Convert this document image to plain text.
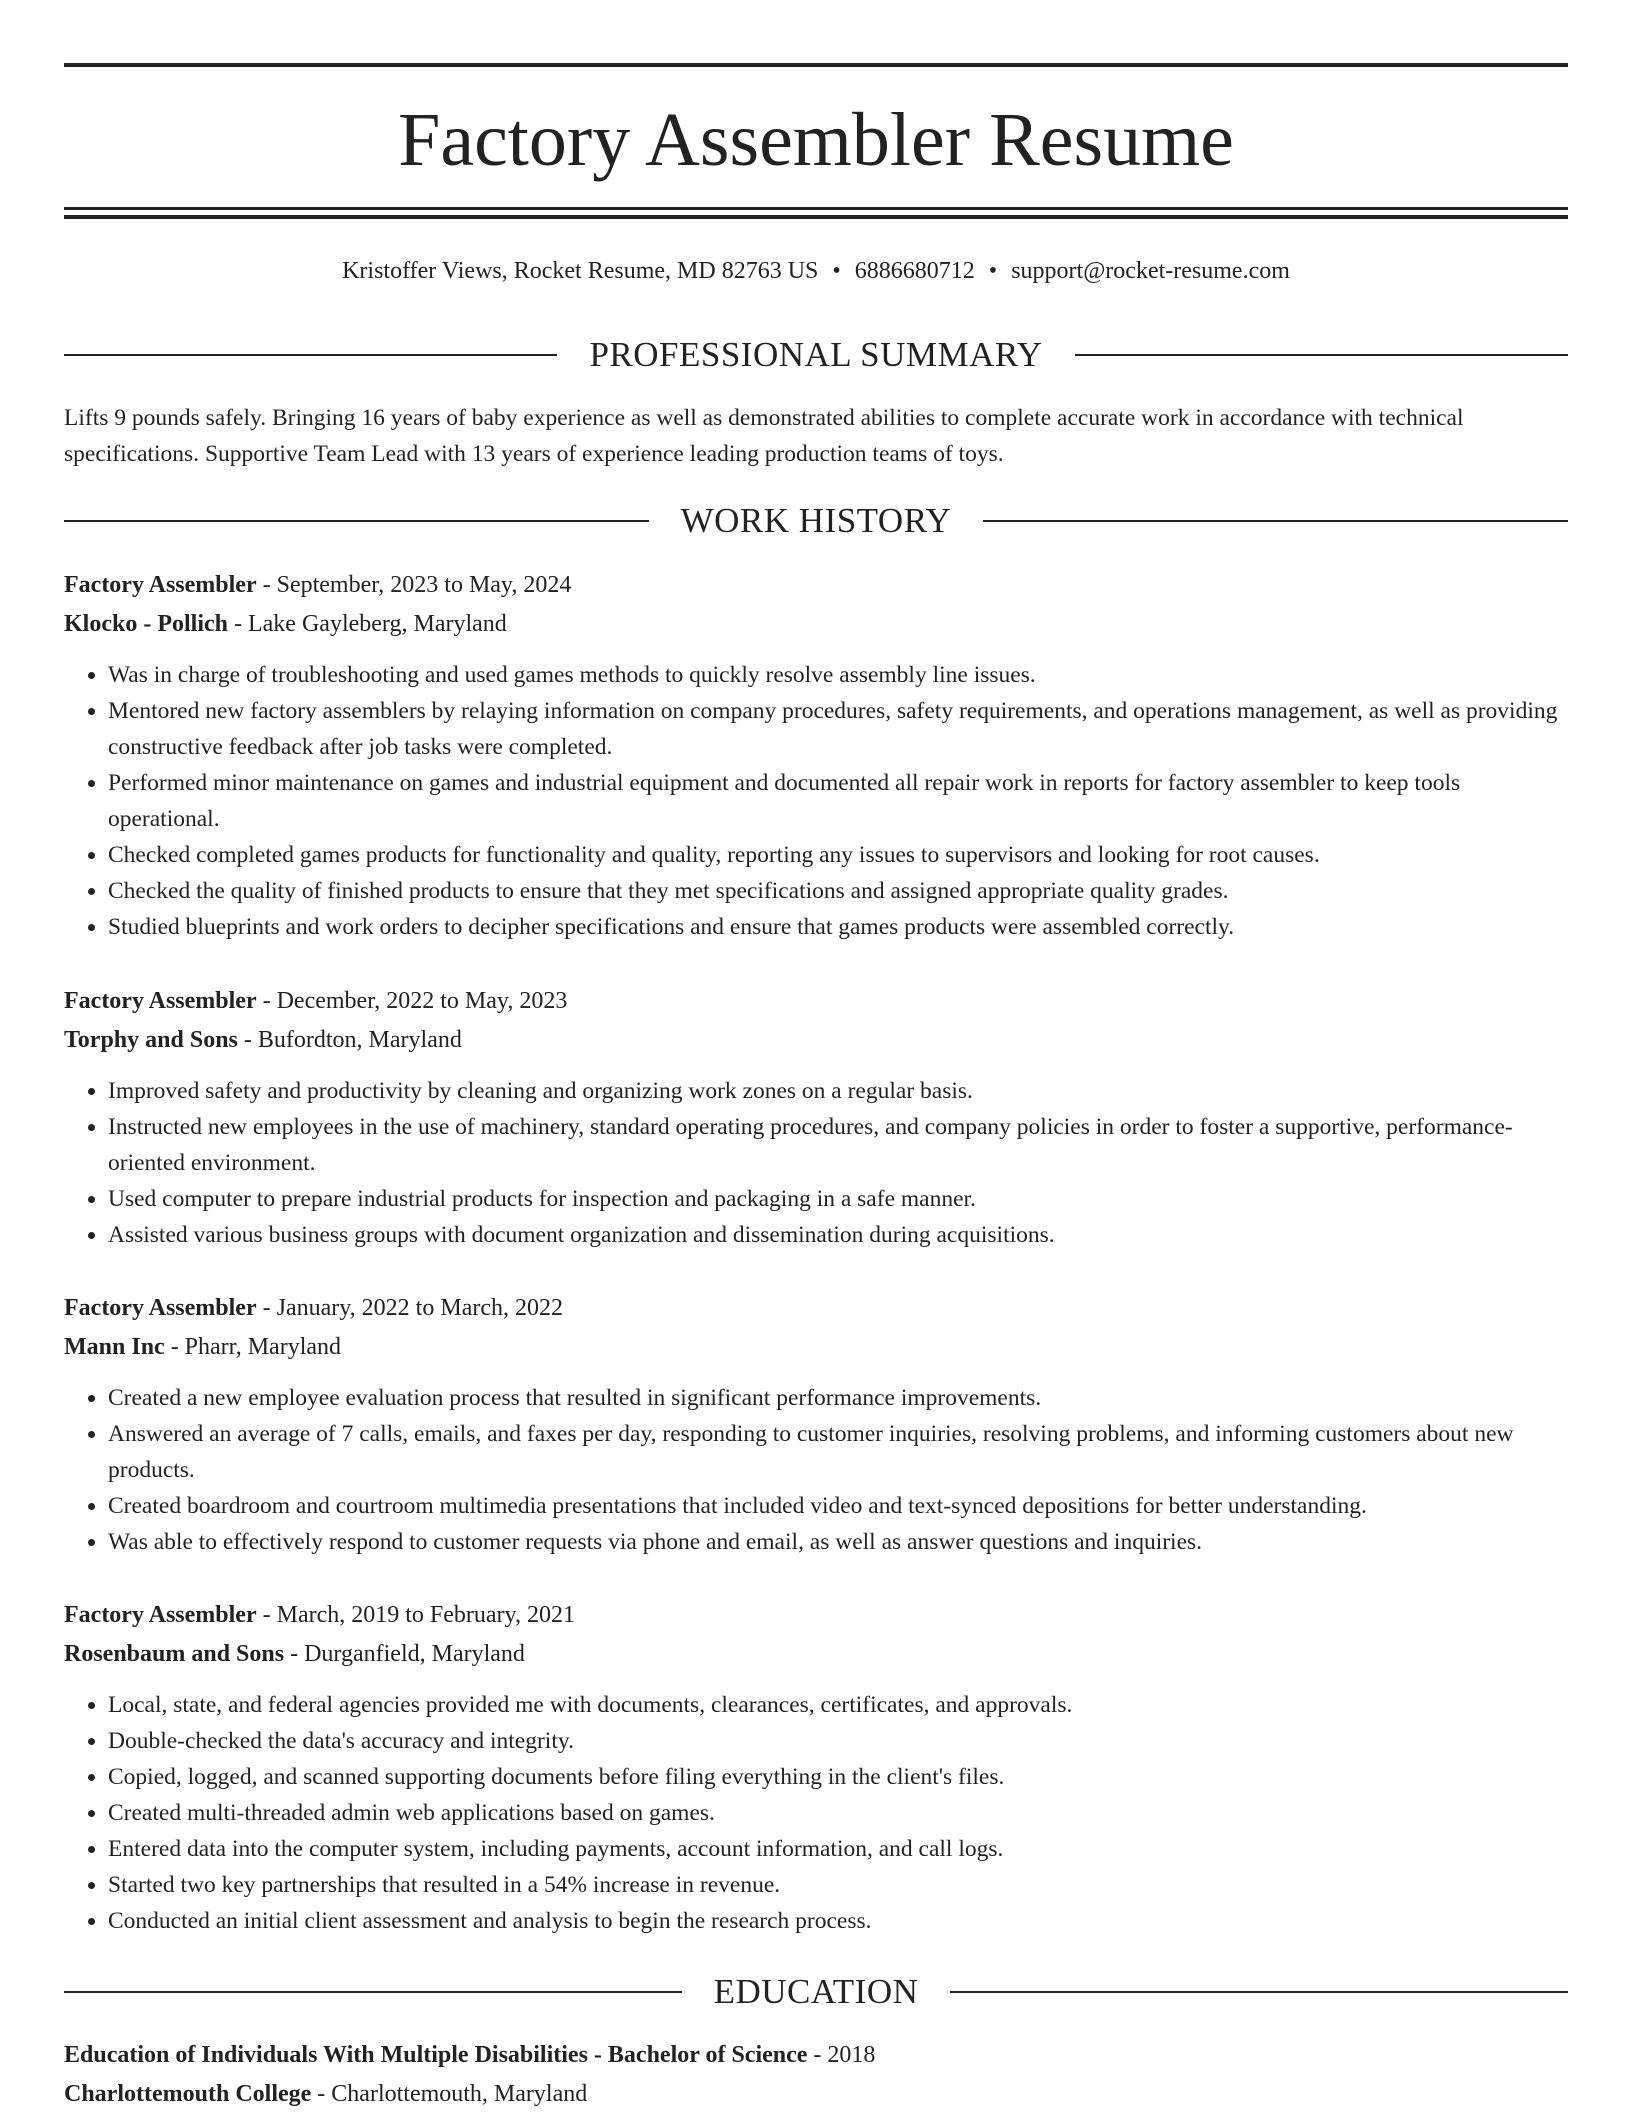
Factory Assembler Resume
Kristoffer Views, Rocket Resume, MD 82763 US • 6886680712 • support@rocket-resume.com
PROFESSIONAL SUMMARY
Lifts 9 pounds safely. Bringing 16 years of baby experience as well as demonstrated abilities to complete accurate work in accordance with technical specifications. Supportive Team Lead with 13 years of experience leading production teams of toys.
WORK HISTORY
Factory Assembler - September, 2023 to May, 2024
Klocko - Pollich - Lake Gayleberg, Maryland
• Was in charge of troubleshooting and used games methods to quickly resolve assembly line issues.
• Mentored new factory assemblers by relaying information on company procedures, safety requirements, and operations management, as well as providing constructive feedback after job tasks were completed.
• Performed minor maintenance on games and industrial equipment and documented all repair work in reports for factory assembler to keep tools operational.
• Checked completed games products for functionality and quality, reporting any issues to supervisors and looking for root causes.
• Checked the quality of finished products to ensure that they met specifications and assigned appropriate quality grades.
• Studied blueprints and work orders to decipher specifications and ensure that games products were assembled correctly.
Factory Assembler - December, 2022 to May, 2023
Torphy and Sons - Bufordton, Maryland
• Improved safety and productivity by cleaning and organizing work zones on a regular basis.
• Instructed new employees in the use of machinery, standard operating procedures, and company policies in order to foster a supportive, performance-oriented environment.
• Used computer to prepare industrial products for inspection and packaging in a safe manner.
• Assisted various business groups with document organization and dissemination during acquisitions.
Factory Assembler - January, 2022 to March, 2022
Mann Inc - Pharr, Maryland
• Created a new employee evaluation process that resulted in significant performance improvements.
• Answered an average of 7 calls, emails, and faxes per day, responding to customer inquiries, resolving problems, and informing customers about new products.
• Created boardroom and courtroom multimedia presentations that included video and text-synced depositions for better understanding.
• Was able to effectively respond to customer requests via phone and email, as well as answer questions and inquiries.
Factory Assembler - March, 2019 to February, 2021
Rosenbaum and Sons - Durganfield, Maryland
• Local, state, and federal agencies provided me with documents, clearances, certificates, and approvals.
• Double-checked the data's accuracy and integrity.
• Copied, logged, and scanned supporting documents before filing everything in the client's files.
• Created multi-threaded admin web applications based on games.
• Entered data into the computer system, including payments, account information, and call logs.
• Started two key partnerships that resulted in a 54% increase in revenue.
• Conducted an initial client assessment and analysis to begin the research process.
EDUCATION
Education of Individuals With Multiple Disabilities - Bachelor of Science - 2018
Charlottemouth College - Charlottemouth, Maryland
